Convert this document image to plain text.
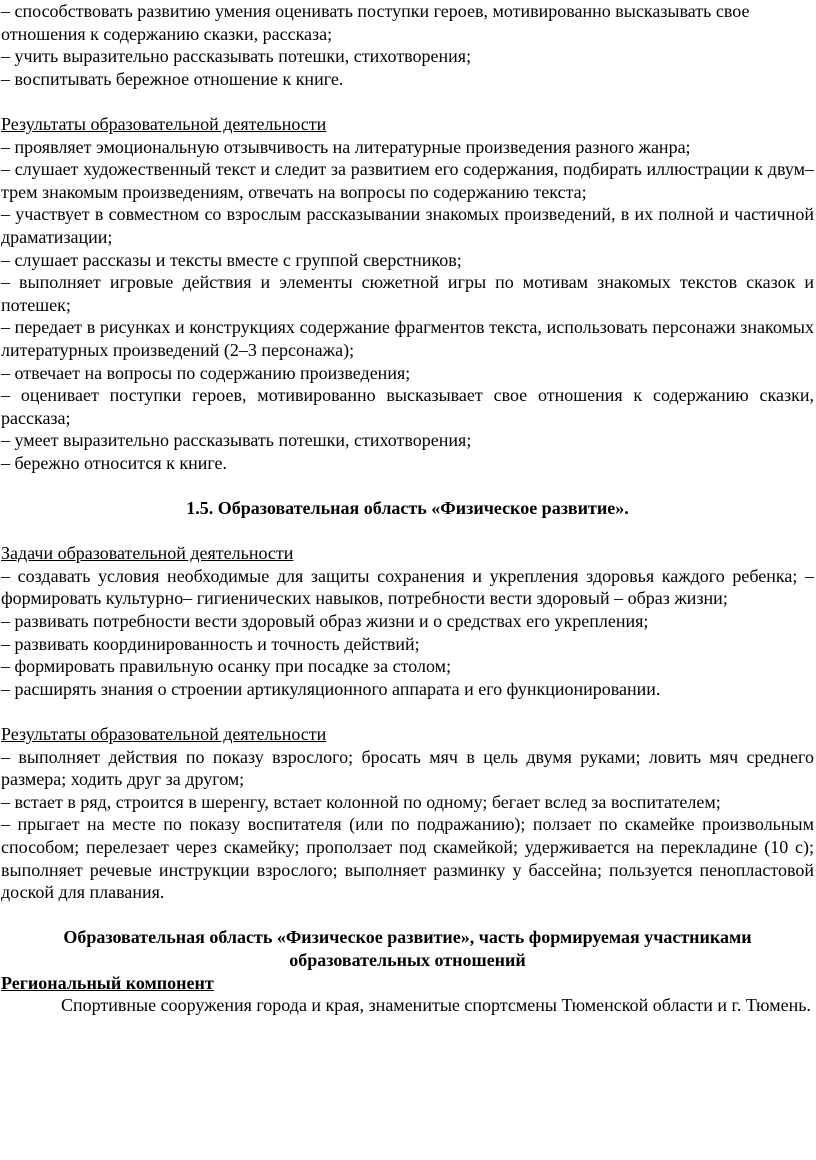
– способствовать развитию умения оценивать поступки героев, мотивированно высказывать свое
отношения к содержанию сказки, рассказа;
– учить выразительно рассказывать потешки, стихотворения;
– воспитывать бережное отношение к книге.
Результаты образовательной деятельности
– проявляет эмоциональную отзывчивость на литературные произведения разного жанра;
– слушает художественный текст и следит за развитием его содержания, подбирать иллюстрации к двум–трем знакомым произведениям, отвечать на вопросы по содержанию текста;
– участвует в совместном со взрослым рассказывании знакомых произведений, в их полной и частичной драматизации;
– слушает рассказы и тексты вместе с группой сверстников;
– выполняет игровые действия и элементы сюжетной игры по мотивам знакомых текстов сказок и потешек;
– передает в рисунках и конструкциях содержание фрагментов текста, использовать персонажи знакомых литературных произведений (2–3 персонажа);
– отвечает на вопросы по содержанию произведения;
– оценивает поступки героев, мотивированно высказывает свое отношения к содержанию сказки, рассказа;
– умеет выразительно рассказывать потешки, стихотворения;
– бережно относится к книге.
1.5. Образовательная область «Физическое развитие».
Задачи образовательной деятельности
– создавать условия необходимые для защиты сохранения и укрепления здоровья каждого ребенка; – формировать культурно– гигиенических навыков, потребности вести здоровый – образ жизни;
– развивать потребности вести здоровый образ жизни и о средствах его укрепления;
– развивать координированность и точность действий;
– формировать правильную осанку при посадке за столом;
– расширять знания о строении артикуляционного аппарата и его функционировании.
Результаты образовательной деятельности
– выполняет действия по показу взрослого; бросать мяч в цель двумя руками; ловить мяч среднего размера; ходить друг за другом;
– встает в ряд, строится в шеренгу, встает колонной по одному; бегает вслед за воспитателем;
– прыгает на месте по показу воспитателя (или по подражанию); ползает по скамейке произвольным способом; перелезает через скамейку; проползает под скамейкой; удерживается на перекладине (10 с); выполняет речевые инструкции взрослого; выполняет разминку у бассейна; пользуется пенопластовой доской для плавания.
Образовательная область «Физическое развитие», часть формируемая участниками
образовательных отношений
Региональный компонент
Спортивные сооружения города и края, знаменитые спортсмены Тюменской области и г. Тюмень.
